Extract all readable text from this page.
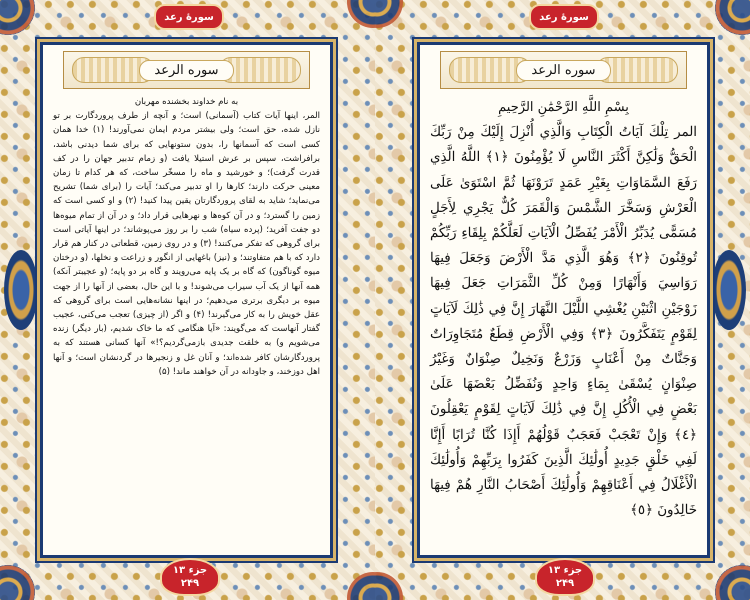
سورهٔ رعد
سوره الرعد

به نام خداوند بخشنده مهربان
المر، اینها آیات کتاب (آسمانی) است؛ و آنچه از طرف پروردگارت بر تو نازل شده، حق است؛ ولی بیشتر مردم ایمان نمی‌آورند! (۱) خدا همان کسی است که آسمانها را، بدون ستونهایی که برای شما دیدنی باشد، برافراشت، سپس بر عرش استیلا یافت (و زمام تدبیر جهان را در کف قدرت گرفت)؛ و خورشید و ماه را مسخّر ساخت، که هر کدام تا زمان معینی حرکت دارند؛ کارها را او تدبیر می‌کند؛ آیات را (برای شما) تشریح می‌نماید؛ شاید به لقای پروردگارتان یقین پیدا کنید! (۲) و او کسی است که زمین را گسترد؛ و در آن کوه‌ها و نهرهایی قرار داد؛ و در آن از تمام میوه‌ها دو جفت آفرید؛ (پرده سیاه) شب را بر روز می‌پوشاند؛ در اینها آیاتی است برای گروهی که تفکر می‌کنند! (۳) و در روی زمین، قطعاتی در کنار هم قرار دارد که با هم متفاوتند؛ و (نیز) باغهایی از انگور و زراعت و نخلها، (و درختان میوه گوناگون) که گاه بر یک پایه می‌رویند و گاه بر دو پایه؛ (و عجیبتر آنکه) همه آنها از یک آب سیراب می‌شوند! و با این حال، بعضی از آنها را از جهت میوه بر دیگری برتری می‌دهیم؛ در اینها نشانه‌هایی است برای گروهی که عقل خویش را به کار می‌گیرند! (۴) و اگر (از چیزی) تعجب می‌کنی، عجیب گفتار آنهاست که می‌گویند: «آیا هنگامی که ما خاک شدیم، (بار دیگر) زنده می‌شویم و) به خلقت جدیدی بازمی‌گردیم؟!» آنها کسانی هستند که به پروردگارشان کافر شده‌اند؛ و آنان غل و زنجیرها در گردنشان است؛ و آنها اهل دوزخند، و جاودانه در آن خواهند ماند! (۵)

جزء ۱۳
۲۴۹
سورهٔ رعد
سوره الرعد

بِسْمِ اللَّهِ الرَّحْمَٰنِ الرَّحِيمِ
المر تِلْكَ آيَاتُ الْكِتَابِ وَالَّذِي أُنْزِلَ إِلَيْكَ مِنْ رَبِّكَ الْحَقُّ وَلَٰكِنَّ أَكْثَرَ النَّاسِ لَا يُؤْمِنُونَ ﴿١﴾ اللَّهُ الَّذِي رَفَعَ السَّمَاوَاتِ بِغَيْرِ عَمَدٍ تَرَوْنَهَا ثُمَّ اسْتَوَىٰ عَلَى الْعَرْشِ وَسَخَّرَ الشَّمْسَ وَالْقَمَرَ كُلٌّ يَجْرِي لِأَجَلٍ مُسَمًّى يُدَبِّرُ الْأَمْرَ يُفَصِّلُ الْآيَاتِ لَعَلَّكُمْ بِلِقَاءِ رَبِّكُمْ تُوقِنُونَ ﴿٢﴾ وَهُوَ الَّذِي مَدَّ الْأَرْضَ وَجَعَلَ فِيهَا رَوَاسِيَ وَأَنْهَارًا وَمِنْ كُلِّ الثَّمَرَاتِ جَعَلَ فِيهَا زَوْجَيْنِ اثْنَيْنِ يُغْشِي اللَّيْلَ النَّهَارَ إِنَّ فِي ذَٰلِكَ لَآيَاتٍ لِقَوْمٍ يَتَفَكَّرُونَ ﴿٣﴾ وَفِي الْأَرْضِ قِطَعٌ مُتَجَاوِرَاتٌ وَجَنَّاتٌ مِنْ أَعْنَابٍ وَزَرْعٌ وَنَخِيلٌ صِنْوَانٌ وَغَيْرُ صِنْوَانٍ يُسْقَىٰ بِمَاءٍ وَاحِدٍ وَنُفَضِّلُ بَعْضَهَا عَلَىٰ بَعْضٍ فِي الْأُكُلِ إِنَّ فِي ذَٰلِكَ لَآيَاتٍ لِقَوْمٍ يَعْقِلُونَ ﴿٤﴾ وَإِنْ تَعْجَبْ فَعَجَبٌ قَوْلُهُمْ أَإِذَا كُنَّا تُرَابًا أَإِنَّا لَفِي خَلْقٍ جَدِيدٍ أُولَٰئِكَ الَّذِينَ كَفَرُوا بِرَبِّهِمْ وَأُولَٰئِكَ الْأَغْلَالُ فِي أَعْنَاقِهِمْ وَأُولَٰئِكَ أَصْحَابُ النَّارِ هُمْ فِيهَا خَالِدُونَ ﴿٥﴾

جزء ۱۳
۲۴۹
